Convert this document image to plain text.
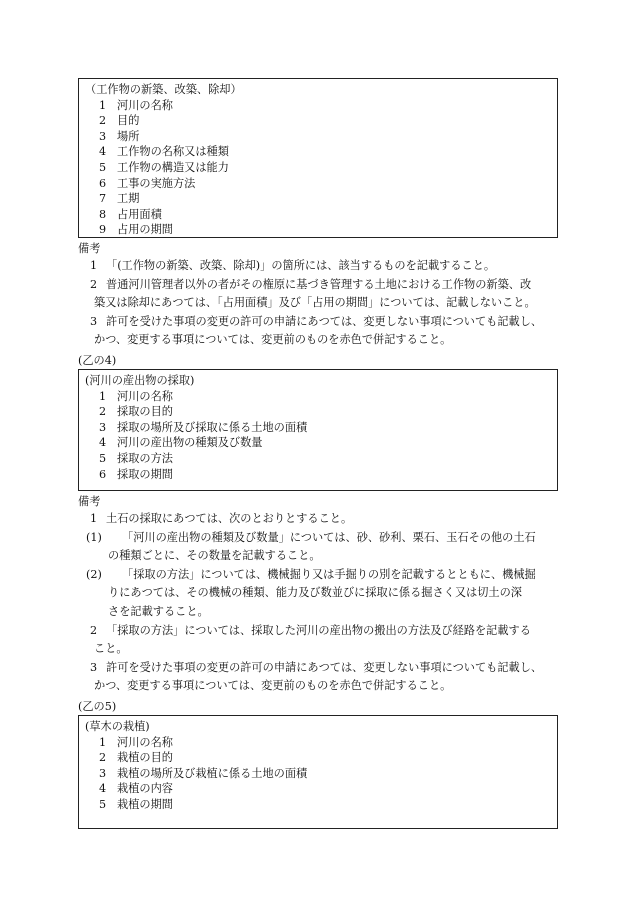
（工作物の新築、改築、除却）
1 河川の名称
2 目的
3 場所
4 工作物の名称又は種類
5 工作物の構造又は能力
6 工事の実施方法
7 工期
8 占用面積
9 占用の期間
備考
1 「(工作物の新築、改築、除却)」の箇所には、該当するものを記載すること。
2 普通河川管理者以外の者がその権原に基づき管理する土地における工作物の新築、改
築又は除却にあつては、「占用面積」及び「占用の期間」については、記載しないこと。
3 許可を受けた事項の変更の許可の申請にあつては、変更しない事項についても記載し、
かつ、変更する事項については、変更前のものを赤色で併記すること。
(乙の4)
(河川の産出物の採取)
1 河川の名称
2 採取の目的
3 採取の場所及び採取に係る土地の面積
4 河川の産出物の種類及び数量
5 採取の方法
6 採取の期間
備考
1 土石の採取にあつては、次のとおりとすること。
(1)	「河川の産出物の種類及び数量」については、砂、砂利、栗石、玉石その他の土石
の種類ごとに、その数量を記載すること。
(2)	「採取の方法」については、機械掘り又は手掘りの別を記載するとともに、機械掘
りにあつては、その機械の種類、能力及び数並びに採取に係る掘さく又は切土の深
さを記載すること。
2 「採取の方法」については、採取した河川の産出物の搬出の方法及び経路を記載する
こと。
3 許可を受けた事項の変更の許可の申請にあつては、変更しない事項についても記載し、
かつ、変更する事項については、変更前のものを赤色で併記すること。
(乙の5)
(草木の栽植)
1 河川の名称
2 栽植の目的
3 栽植の場所及び栽植に係る土地の面積
4 栽植の内容
5 栽植の期間
